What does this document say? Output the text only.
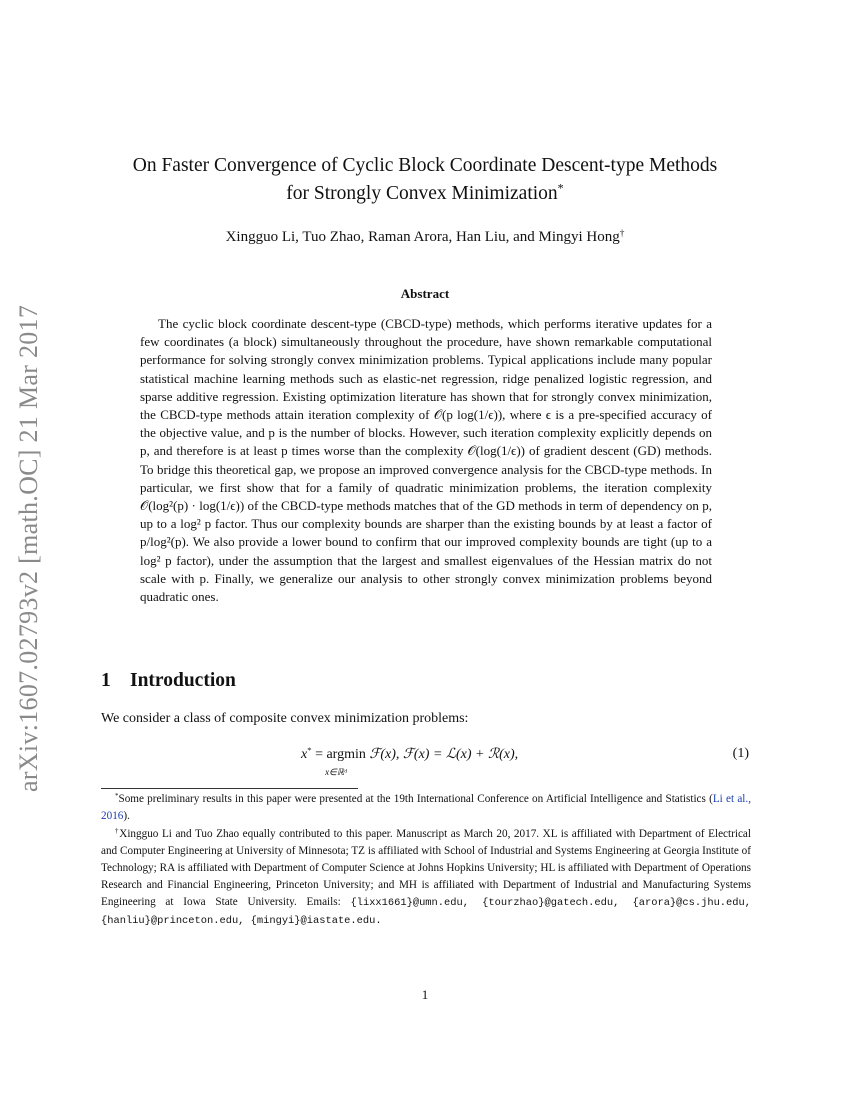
arXiv:1607.02793v2 [math.OC] 21 Mar 2017
On Faster Convergence of Cyclic Block Coordinate Descent-type Methods
for Strongly Convex Minimization*
Xingguo Li, Tuo Zhao, Raman Arora, Han Liu, and Mingyi Hong†
Abstract

The cyclic block coordinate descent-type (CBCD-type) methods, which performs iterative updates for a few coordinates (a block) simultaneously throughout the procedure, have shown remarkable computational performance for solving strongly convex minimization problems. Typical applications include many popular statistical machine learning methods such as elastic-net regression, ridge penalized logistic regression, and sparse additive regression. Existing optimization literature has shown that for strongly convex minimization, the CBCD-type methods attain iteration complexity of 𝒪(p log(1/ϵ)), where ϵ is a pre-specified accuracy of the objective value, and p is the number of blocks. However, such iteration complexity explicitly depends on p, and therefore is at least p times worse than the complexity 𝒪(log(1/ϵ)) of gradient descent (GD) methods. To bridge this theoretical gap, we propose an improved convergence analysis for the CBCD-type methods. In particular, we first show that for a family of quadratic minimization problems, the iteration complexity 𝒪(log²(p) · log(1/ϵ)) of the CBCD-type methods matches that of the GD methods in term of dependency on p, up to a log² p factor. Thus our complexity bounds are sharper than the existing bounds by at least a factor of p/log²(p). We also provide a lower bound to confirm that our improved complexity bounds are tight (up to a log² p factor), under the assumption that the largest and smallest eigenvalues of the Hessian matrix do not scale with p. Finally, we generalize our analysis to other strongly convex minimization problems beyond quadratic ones.

1 Introduction
We consider a class of composite convex minimization problems:
x* = argmin
x∈ℝᵈ
ℱ(x), ℱ(x) = ℒ(x) + ℛ(x),	(1)

*Some preliminary results in this paper were presented at the 19th International Conference on Artificial Intelligence and Statistics (Li et al., 2016).

†Xingguo Li and Tuo Zhao equally contributed to this paper. Manuscript as March 20, 2017. XL is affiliated with Department of Electrical and Computer Engineering at University of Minnesota; TZ is affiliated with School of Industrial and Systems Engineering at Georgia Institute of Technology; RA is affiliated with Department of Computer Science at Johns Hopkins University; HL is affiliated with Department of Operations Research and Financial Engineering, Princeton University; and MH is affiliated with Department of Industrial and Manufacturing Systems Engineering at Iowa State University. Emails: {lixx1661}@umn.edu, {tourzhao}@gatech.edu, {arora}@cs.jhu.edu, {hanliu}@princeton.edu, {mingyi}@iastate.edu.

1
